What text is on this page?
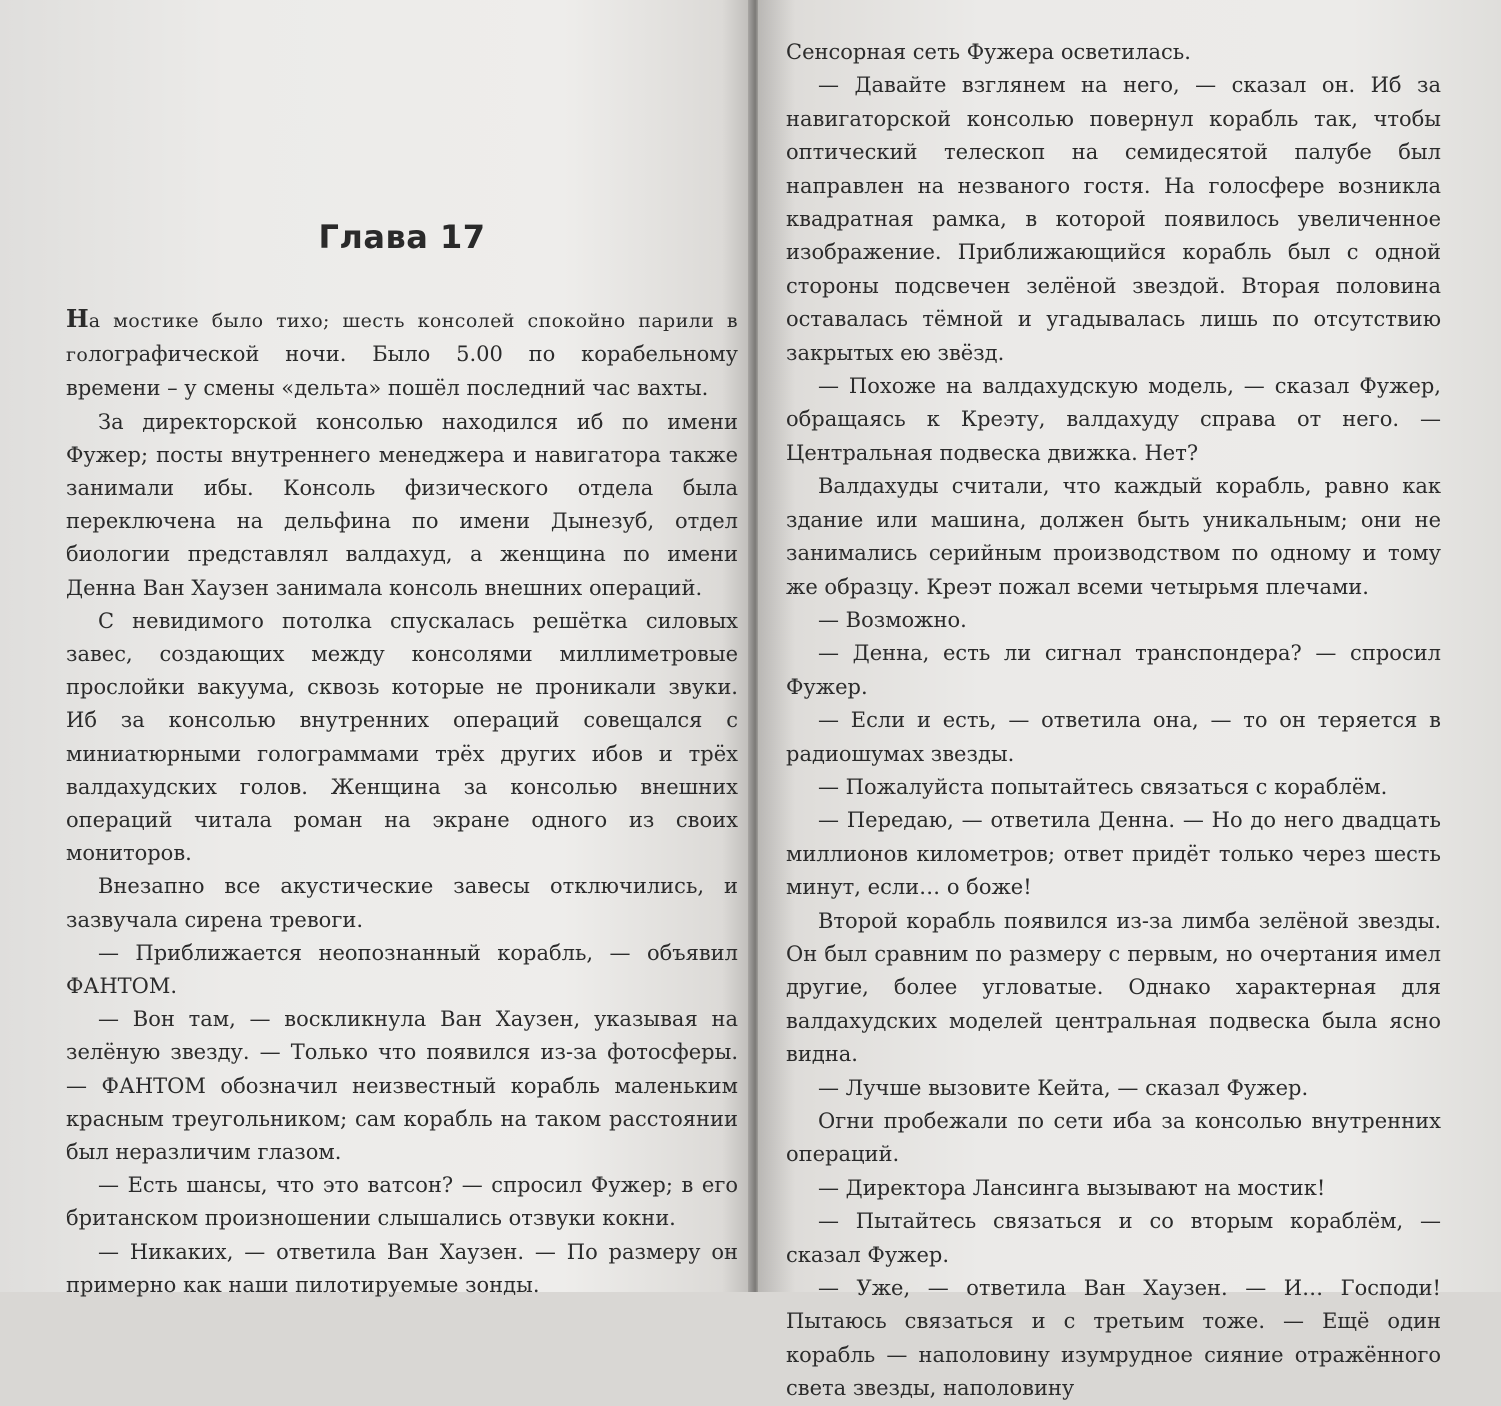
Глава 17

На мостике было тихо; шесть консолей спокойно парили в голографической ночи. Было 5.00 по корабельному времени – у смены «дельта» пошёл последний час вахты.

За директорской консолью находился иб по имени Фужер; посты внутреннего менеджера и навигатора также занимали ибы. Консоль физического отдела была переключена на дельфина по имени Дынезуб, отдел биологии представлял валдахуд, а женщина по имени Денна Ван Хаузен занимала консоль внешних операций.

С невидимого потолка спускалась решётка силовых завес, создающих между консолями миллиметровые прослойки вакуума, сквозь которые не проникали звуки. Иб за консолью внутренних операций совещался с миниатюрными голограммами трёх других ибов и трёх валдахудских голов. Женщина за консолью внешних операций читала роман на экране одного из своих мониторов.

Внезапно все акустические завесы отключились, и зазвучала сирена тревоги.

— Приближается неопознанный корабль, — объявил ФАНТОМ.

— Вон там, — воскликнула Ван Хаузен, указывая на зелёную звезду. — Только что появился из-за фотосферы. — ФАНТОМ обозначил неизвестный корабль маленьким красным треугольником; сам корабль на таком расстоянии был неразличим глазом.

— Есть шансы, что это ватсон? — спросил Фужер; в его британском произношении слышались отзвуки кокни.

— Никаких, — ответила Ван Хаузен. — По размеру он примерно как наши пилотируемые зонды.

Сенсорная сеть Фужера осветилась.

— Давайте взглянем на него, — сказал он. Иб за навигаторской консолью повернул корабль так, чтобы оптический телескоп на семидесятой палубе был направлен на незваного гостя. На голосфере возникла квадратная рамка, в которой появилось увеличенное изображение. Приближающийся корабль был с одной стороны подсвечен зелёной звездой. Вторая половина оставалась тёмной и угадывалась лишь по отсутствию закрытых ею звёзд.

— Похоже на валдахудскую модель, — сказал Фужер, обращаясь к Креэту, валдахуду справа от него. — Центральная подвеска движка. Нет?

Валдахуды считали, что каждый корабль, равно как здание или машина, должен быть уникальным; они не занимались серийным производством по одному и тому же образцу. Креэт пожал всеми четырьмя плечами.

— Возможно.

— Денна, есть ли сигнал транспондера? — спросил Фужер.

— Если и есть, — ответила она, — то он теряется в радиошумах звезды.

— Пожалуйста попытайтесь связаться с кораблём.

— Передаю, — ответила Денна. — Но до него двадцать миллионов километров; ответ придёт только через шесть минут, если… о боже!

Второй корабль появился из-за лимба зелёной звезды. Он был сравним по размеру с первым, но очертания имел другие, более угловатые. Однако характерная для валдахудских моделей центральная подвеска была ясно видна.

— Лучше вызовите Кейта, — сказал Фужер.

Огни пробежали по сети иба за консолью внутренних операций.

— Директора Лансинга вызывают на мостик!

— Пытайтесь связаться и со вторым кораблём, — сказал Фужер.

— Уже, — ответила Ван Хаузен. — И… Господи! Пытаюсь связаться и с третьим тоже. — Ещё один корабль — наполовину изумрудное сияние отражённого света звезды, наполовину
